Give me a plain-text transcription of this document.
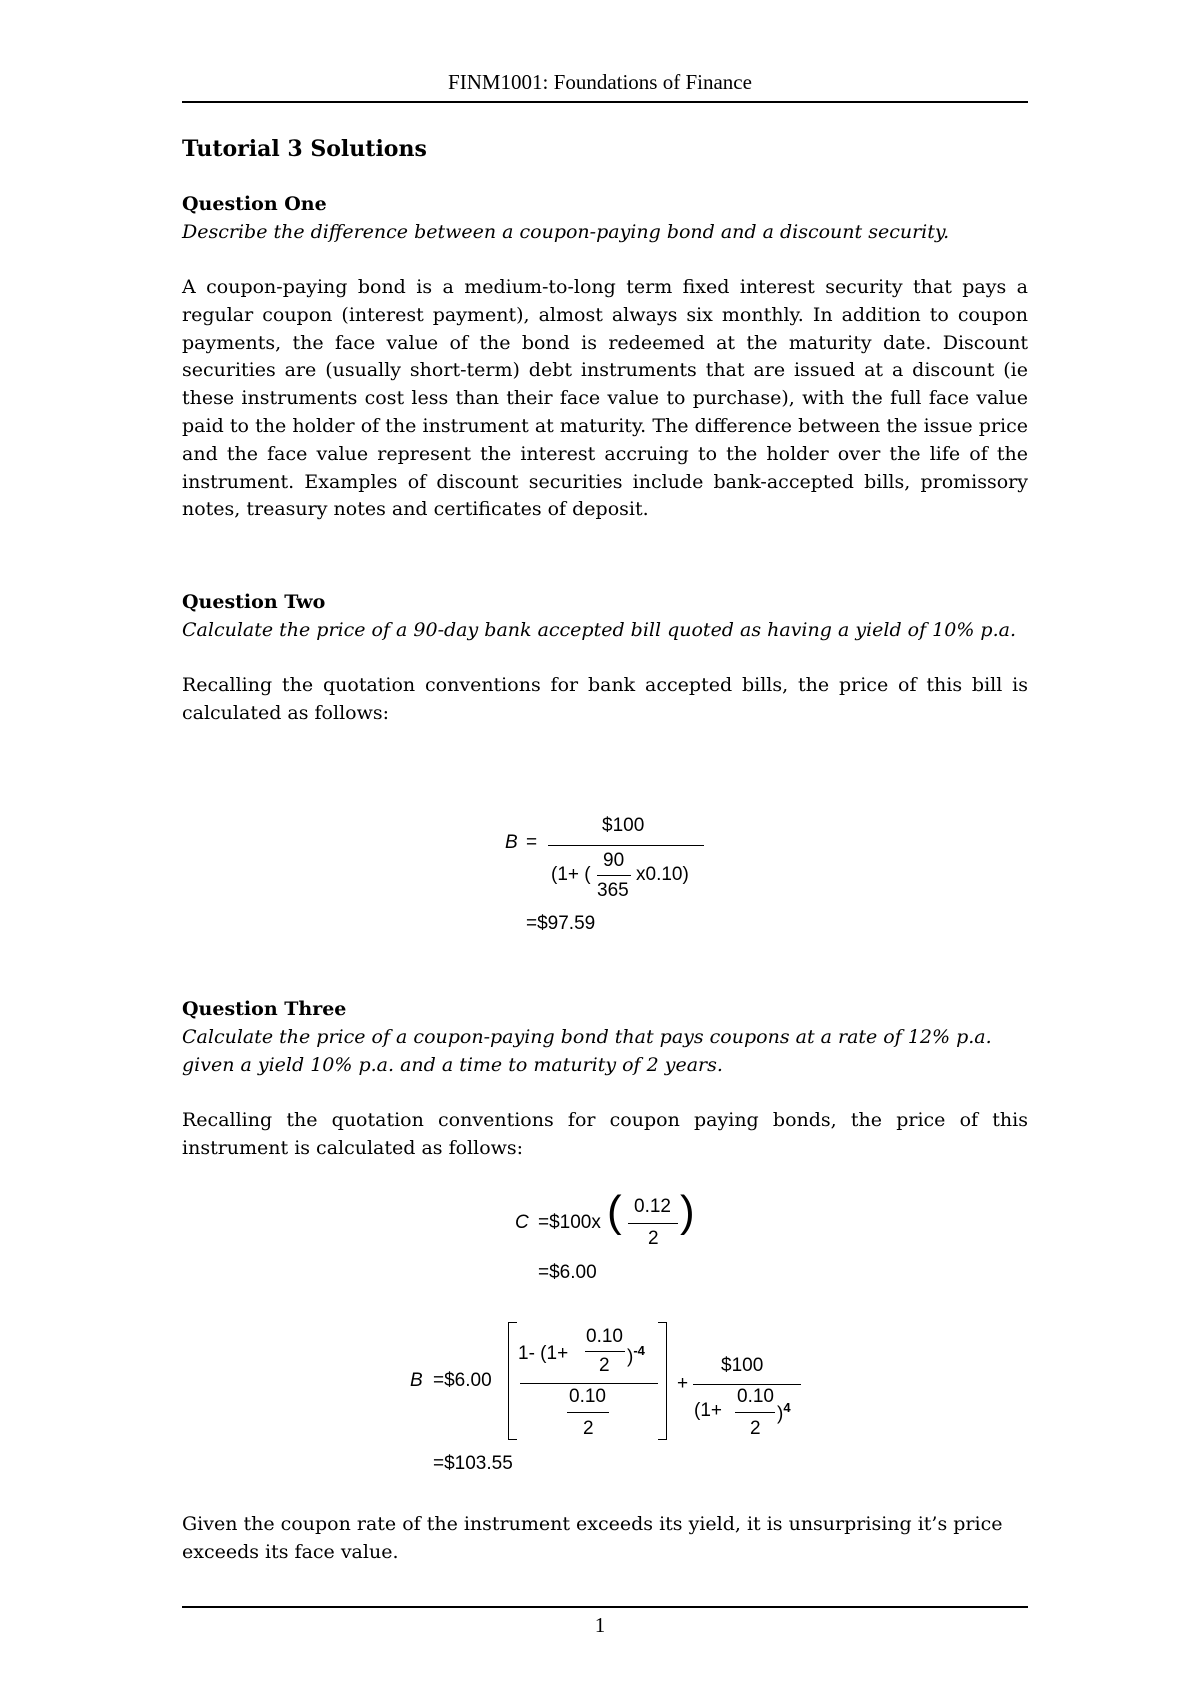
FINM1001: Foundations of Finance
Tutorial 3 Solutions

Question One

Describe the difference between a coupon-paying bond and a discount security.

A coupon-paying bond is a medium-to-long term fixed interest security that pays a regular coupon (interest payment), almost always six monthly. In addition to coupon payments, the face value of the bond is redeemed at the maturity date. Discount securities are (usually short-term) debt instruments that are issued at a discount (ie these instruments cost less than their face value to purchase), with the full face value paid to the holder of the instrument at maturity. The difference between the issue price and the face value represent the interest accruing to the holder over the life of the instrument. Examples of discount securities include bank-accepted bills, promissory notes, treasury notes and certificates of deposit.

Question Two

Calculate the price of a 90-day bank accepted bill quoted as having a yield of 10% p.a.

Recalling the quotation conventions for bank accepted bills, the price of this bill is calculated as follows:

B =
$100
(1+ (
90
365
x0.10)
=$97.59

Question Three

Calculate the price of a coupon-paying bond that pays coupons at a rate of 12% p.a. given a yield 10% p.a. and a time to maturity of 2 years.

Recalling the quotation conventions for coupon paying bonds, the price of this instrument is calculated as follows:

C =$100x ( 0.12
2
)
=$6.00
B =$6.00
1- (1+
0.10
2 )$^{-4}$
0.10
2
+
$100
(1+
0.10
2
)$^4$
=$103.55

Given the coupon rate of the instrument exceeds its yield, it is unsurprising it’s price exceeds its face value.

1
